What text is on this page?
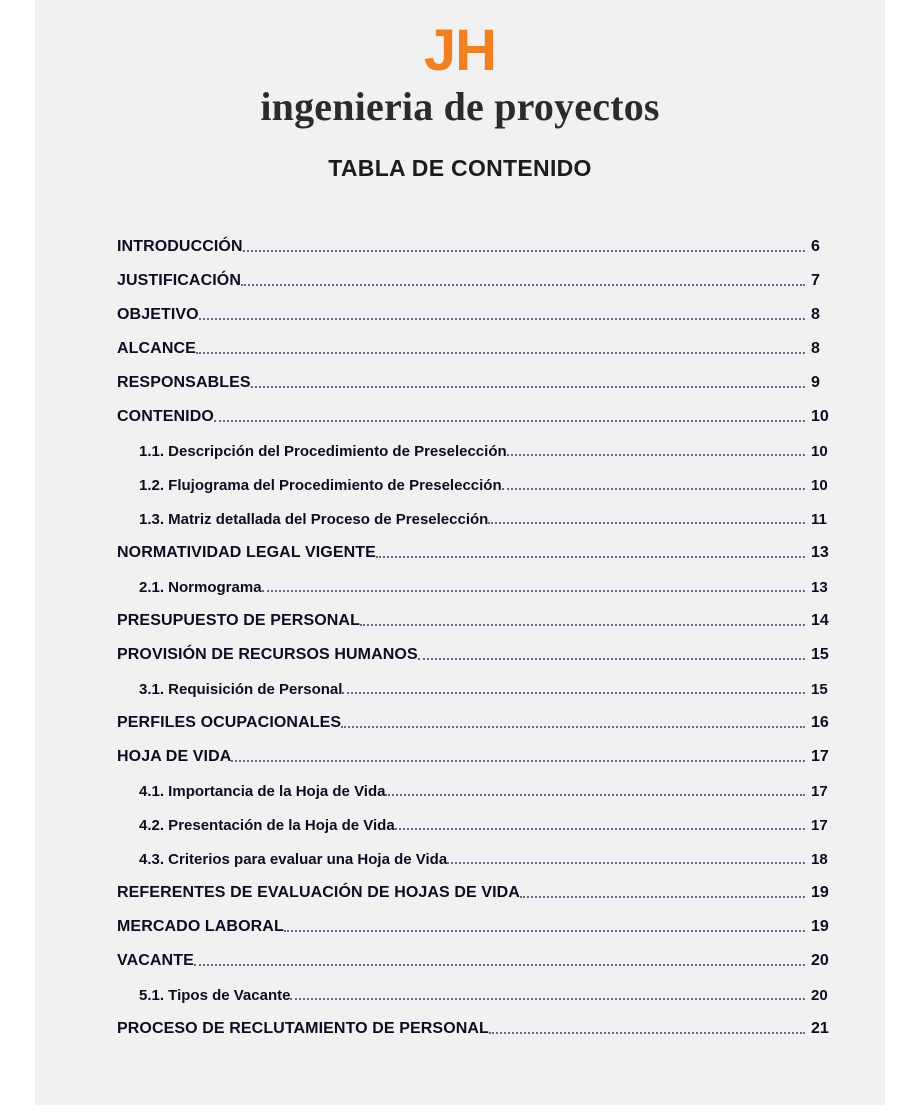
JH
ingenieria de proyectos
TABLA DE CONTENIDO
INTRODUCCIÓN	6
JUSTIFICACIÓN	7
OBJETIVO	8
ALCANCE	8
RESPONSABLES	9
CONTENIDO	10
1.1. Descripción del Procedimiento de Preselección	10
1.2. Flujograma del Procedimiento de Preselección	10
1.3. Matriz detallada del Proceso de Preselección	11
NORMATIVIDAD LEGAL VIGENTE	13
2.1. Normograma	13
PRESUPUESTO DE PERSONAL	14
PROVISIÓN DE RECURSOS HUMANOS	15
3.1. Requisición de Personal	15
PERFILES OCUPACIONALES	16
HOJA DE VIDA	17
4.1. Importancia de la Hoja de Vida	17
4.2. Presentación de la Hoja de Vida	17
4.3. Criterios para evaluar una Hoja de Vida	18
REFERENTES DE EVALUACIÓN DE HOJAS DE VIDA	19
MERCADO LABORAL	19
VACANTE	20
5.1. Tipos de Vacante	20
PROCESO DE RECLUTAMIENTO DE PERSONAL	21
